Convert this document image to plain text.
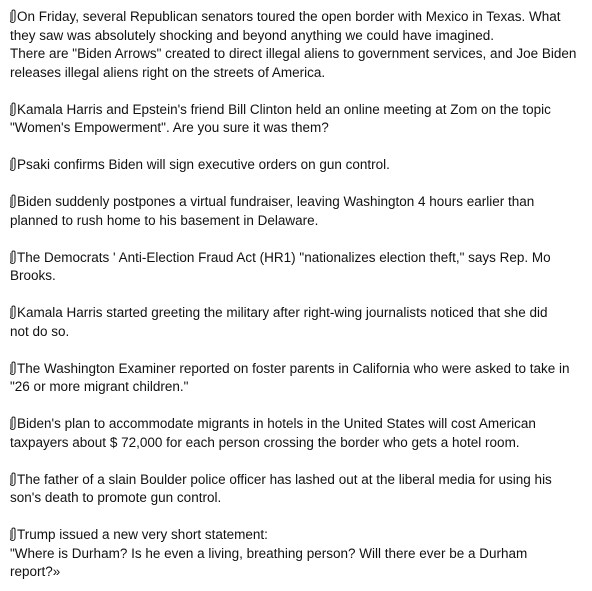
On Friday, several Republican senators toured the open border with Mexico in Texas. What
they saw was absolutely shocking and beyond anything we could have imagined.
There are "Biden Arrows" created to direct illegal aliens to government services, and Joe Biden
releases illegal aliens right on the streets of America.
Kamala Harris and Epstein's friend Bill Clinton held an online meeting at Zom on the topic
"Women's Empowerment". Are you sure it was them?
Psaki confirms Biden will sign executive orders on gun control.
Biden suddenly postpones a virtual fundraiser, leaving Washington 4 hours earlier than
planned to rush home to his basement in Delaware.
The Democrats ' Anti-Election Fraud Act (HR1) "nationalizes election theft," says Rep. Mo
Brooks.
Kamala Harris started greeting the military after right-wing journalists noticed that she did
not do so.
The Washington Examiner reported on foster parents in California who were asked to take in
"26 or more migrant children."
Biden's plan to accommodate migrants in hotels in the United States will cost American
taxpayers about $ 72,000 for each person crossing the border who gets a hotel room.
The father of a slain Boulder police officer has lashed out at the liberal media for using his
son's death to promote gun control.
Trump issued a new very short statement:
"Where is Durham? Is he even a living, breathing person? Will there ever be a Durham
report?»
